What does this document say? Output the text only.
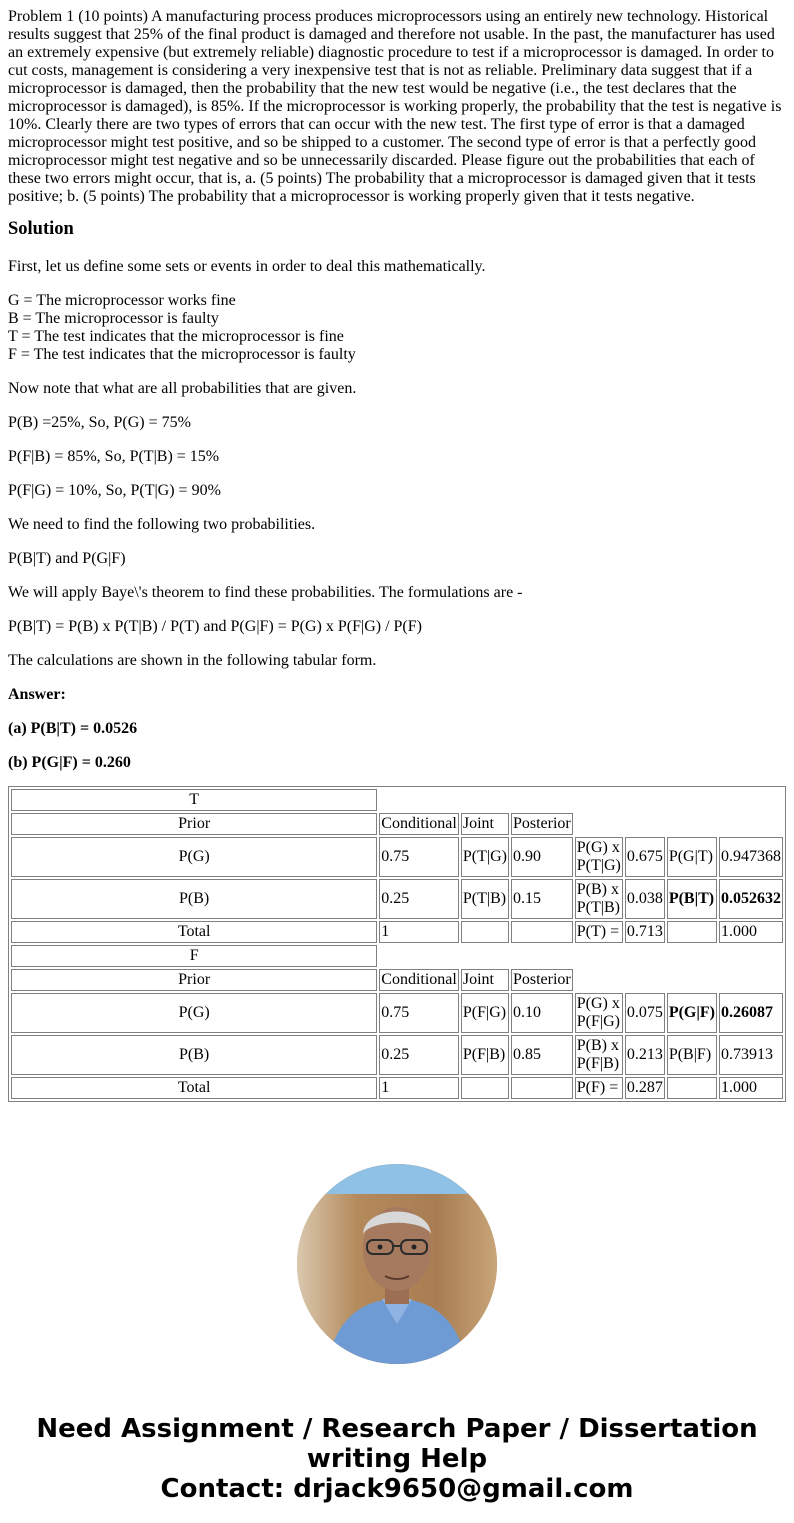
Problem 1 (10 points) A manufacturing process produces microprocessors using an entirely new technology. Historical results suggest that 25% of the final product is damaged and therefore not usable. In the past, the manufacturer has used an extremely expensive (but extremely reliable) diagnostic procedure to test if a microprocessor is damaged. In order to cut costs, management is considering a very inexpensive test that is not as reliable. Preliminary data suggest that if a microprocessor is damaged, then the probability that the new test would be negative (i.e., the test declares that the microprocessor is damaged), is 85%. If the microprocessor is working properly, the probability that the test is negative is 10%. Clearly there are two types of errors that can occur with the new test. The first type of error is that a damaged microprocessor might test positive, and so be shipped to a customer. The second type of error is that a perfectly good microprocessor might test negative and so be unnecessarily discarded. Please figure out the probabilities that each of these two errors might occur, that is, a. (5 points) The probability that a microprocessor is damaged given that it tests positive; b. (5 points) The probability that a microprocessor is working properly given that it tests negative.

Solution

First, let us define some sets or events in order to deal this mathematically.

G = The microprocessor works fine
B = The microprocessor is faulty
T = The test indicates that the microprocessor is fine
F = The test indicates that the microprocessor is faulty

Now note that what are all probabilities that are given.

P(B) =25%, So, P(G) = 75%

P(F|B) = 85%, So, P(T|B) = 15%

P(F|G) = 10%, So, P(T|G) = 90%

We need to find the following two probabilities.

P(B|T) and P(G|F)

We will apply Baye\'s theorem to find these probabilities. The formulations are -

P(B|T) = P(B) x P(T|B) / P(T) and P(G|F) = P(G) x P(F|G) / P(F)

The calculations are shown in the following tabular form.

Answer:

(a) P(B|T) = 0.0526

(b) P(G|F) = 0.260

T							
Prior	Conditional	Joint	Posterior				
P(G)	0.75	P(T|G)	0.90	P(G) x P(T|G)	0.675	P(G|T)	0.947368
P(B)	0.25	P(T|B)	0.15	P(B) x P(T|B)	0.038	P(B|T)	0.052632
Total	1			P(T) =	0.713		1.000
F							
Prior	Conditional	Joint	Posterior				
P(G)	0.75	P(F|G)	0.10	P(G) x P(F|G)	0.075	P(G|F)	0.26087
P(B)	0.25	P(F|B)	0.85	P(B) x P(F|B)	0.213	P(B|F)	0.73913
Total	1			P(F) =	0.287		1.000
Need Assignment / Research Paper / Dissertation
writing Help
Contact: drjack9650@gmail.com
